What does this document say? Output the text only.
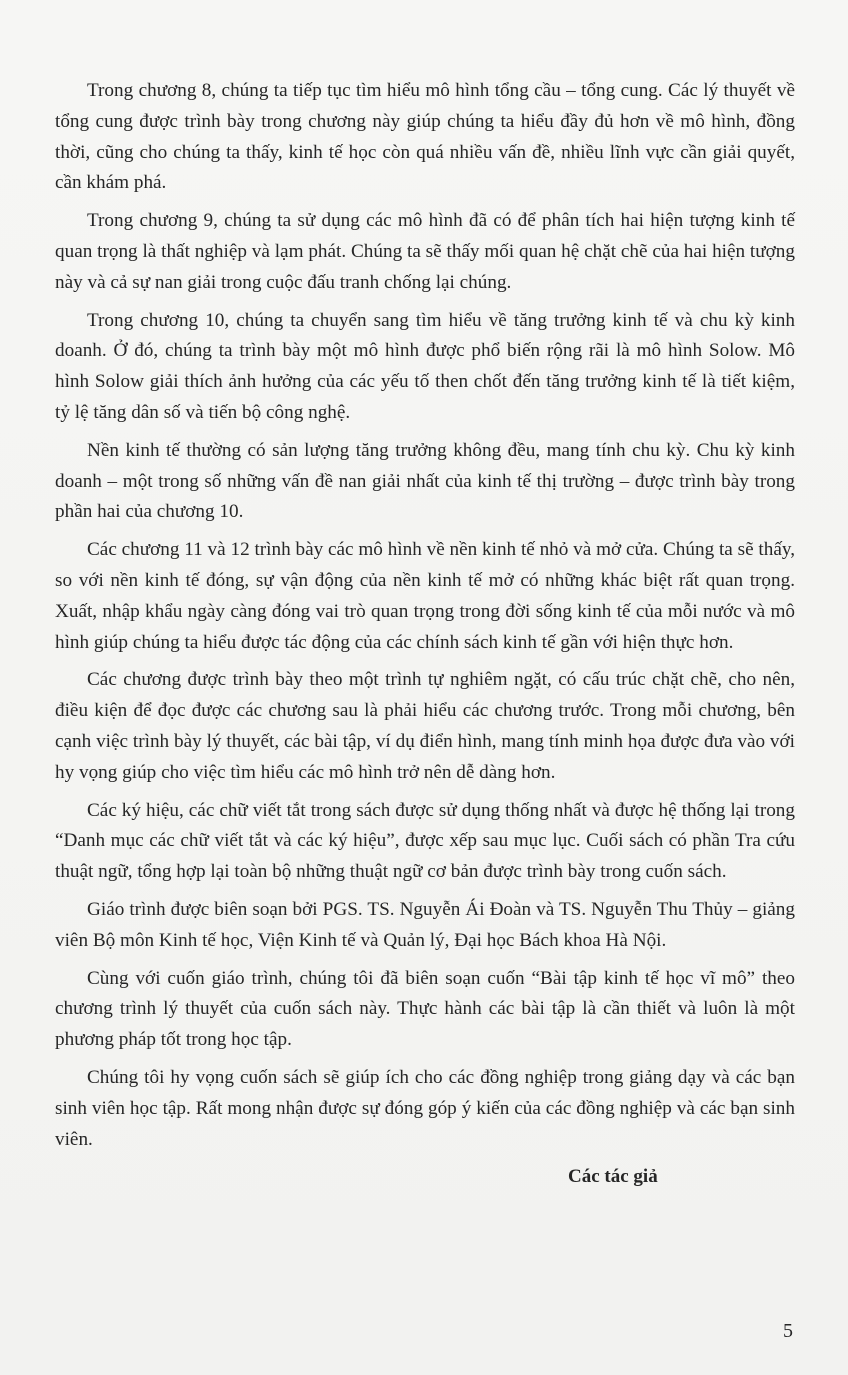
Trong chương 8, chúng ta tiếp tục tìm hiểu mô hình tổng cầu – tổng cung. Các lý thuyết về tổng cung được trình bày trong chương này giúp chúng ta hiểu đầy đủ hơn về mô hình, đồng thời, cũng cho chúng ta thấy, kinh tế học còn quá nhiều vấn đề, nhiều lĩnh vực cần giải quyết, cần khám phá.

Trong chương 9, chúng ta sử dụng các mô hình đã có để phân tích hai hiện tượng kinh tế quan trọng là thất nghiệp và lạm phát. Chúng ta sẽ thấy mối quan hệ chặt chẽ của hai hiện tượng này và cả sự nan giải trong cuộc đấu tranh chống lại chúng.

Trong chương 10, chúng ta chuyển sang tìm hiểu về tăng trưởng kinh tế và chu kỳ kinh doanh. Ở đó, chúng ta trình bày một mô hình được phổ biến rộng rãi là mô hình Solow. Mô hình Solow giải thích ảnh hưởng của các yếu tố then chốt đến tăng trưởng kinh tế là tiết kiệm, tỷ lệ tăng dân số và tiến bộ công nghệ.

Nền kinh tế thường có sản lượng tăng trưởng không đều, mang tính chu kỳ. Chu kỳ kinh doanh – một trong số những vấn đề nan giải nhất của kinh tế thị trường – được trình bày trong phần hai của chương 10.

Các chương 11 và 12 trình bày các mô hình về nền kinh tế nhỏ và mở cửa. Chúng ta sẽ thấy, so với nền kinh tế đóng, sự vận động của nền kinh tế mở có những khác biệt rất quan trọng. Xuất, nhập khẩu ngày càng đóng vai trò quan trọng trong đời sống kinh tế của mỗi nước và mô hình giúp chúng ta hiểu được tác động của các chính sách kinh tế gần với hiện thực hơn.

Các chương được trình bày theo một trình tự nghiêm ngặt, có cấu trúc chặt chẽ, cho nên, điều kiện để đọc được các chương sau là phải hiểu các chương trước. Trong mỗi chương, bên cạnh việc trình bày lý thuyết, các bài tập, ví dụ điển hình, mang tính minh họa được đưa vào với hy vọng giúp cho việc tìm hiểu các mô hình trở nên dễ dàng hơn.

Các ký hiệu, các chữ viết tắt trong sách được sử dụng thống nhất và được hệ thống lại trong “Danh mục các chữ viết tắt và các ký hiệu”, được xếp sau mục lục. Cuối sách có phần Tra cứu thuật ngữ, tổng hợp lại toàn bộ những thuật ngữ cơ bản được trình bày trong cuốn sách.

Giáo trình được biên soạn bởi PGS. TS. Nguyễn Ái Đoàn và TS. Nguyễn Thu Thủy – giảng viên Bộ môn Kinh tế học, Viện Kinh tế và Quản lý, Đại học Bách khoa Hà Nội.

Cùng với cuốn giáo trình, chúng tôi đã biên soạn cuốn “Bài tập kinh tế học vĩ mô” theo chương trình lý thuyết của cuốn sách này. Thực hành các bài tập là cần thiết và luôn là một phương pháp tốt trong học tập.

Chúng tôi hy vọng cuốn sách sẽ giúp ích cho các đồng nghiệp trong giảng dạy và các bạn sinh viên học tập. Rất mong nhận được sự đóng góp ý kiến của các đồng nghiệp và các bạn sinh viên.

Các tác giả
5
